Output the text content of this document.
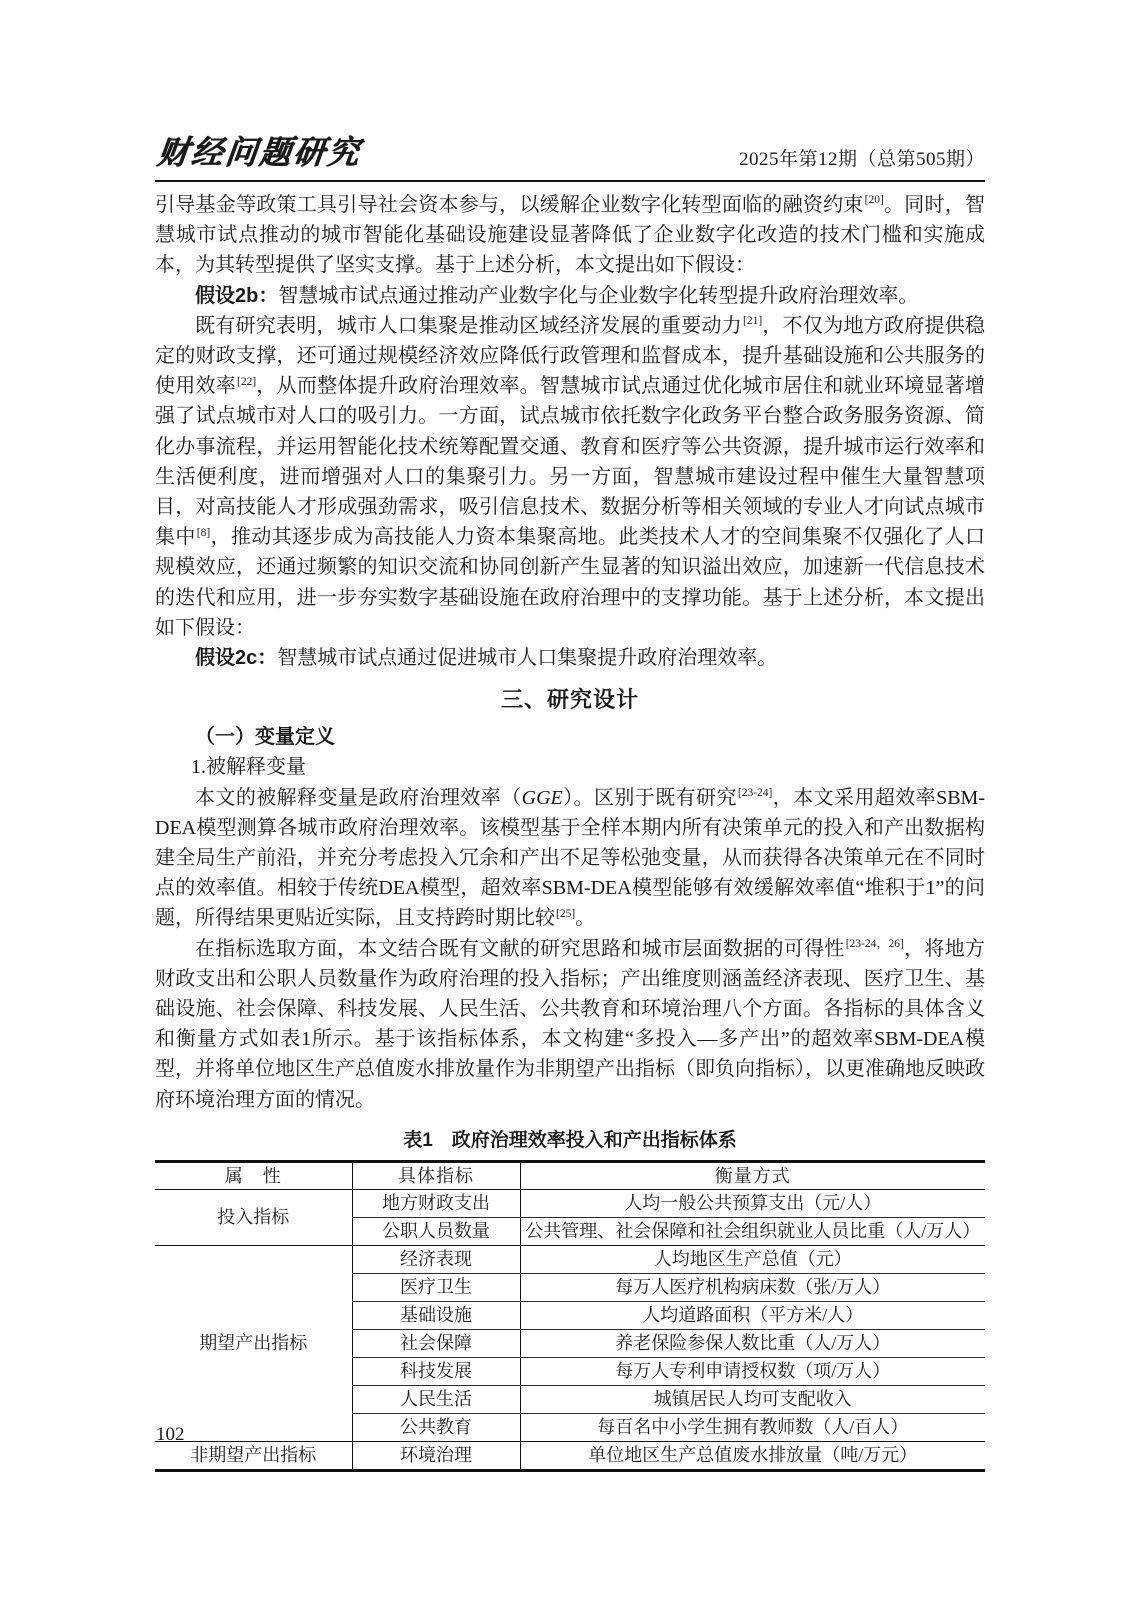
财经问题研究	2025年第12期（总第505期）

引导基金等政策工具引导社会资本参与，以缓解企业数字化转型面临的融资约束[20]。同时，智慧城市试点推动的城市智能化基础设施建设显著降低了企业数字化改造的技术门槛和实施成本，为其转型提供了坚实支撑。基于上述分析，本文提出如下假设：

假设2b：智慧城市试点通过推动产业数字化与企业数字化转型提升政府治理效率。

既有研究表明，城市人口集聚是推动区域经济发展的重要动力[21]，不仅为地方政府提供稳定的财政支撑，还可通过规模经济效应降低行政管理和监督成本，提升基础设施和公共服务的使用效率[22]，从而整体提升政府治理效率。智慧城市试点通过优化城市居住和就业环境显著增强了试点城市对人口的吸引力。一方面，试点城市依托数字化政务平台整合政务服务资源、简化办事流程，并运用智能化技术统筹配置交通、教育和医疗等公共资源，提升城市运行效率和生活便利度，进而增强对人口的集聚引力。另一方面，智慧城市建设过程中催生大量智慧项目，对高技能人才形成强劲需求，吸引信息技术、数据分析等相关领域的专业人才向试点城市集中[8]，推动其逐步成为高技能人力资本集聚高地。此类技术人才的空间集聚不仅强化了人口规模效应，还通过频繁的知识交流和协同创新产生显著的知识溢出效应，加速新一代信息技术的迭代和应用，进一步夯实数字基础设施在政府治理中的支撑功能。基于上述分析，本文提出如下假设：

假设2c：智慧城市试点通过促进城市人口集聚提升政府治理效率。

三、研究设计
（一）变量定义

1.被解释变量

本文的被解释变量是政府治理效率（GGE）。区别于既有研究[23-24]，本文采用超效率SBM-DEA模型测算各城市政府治理效率。该模型基于全样本期内所有决策单元的投入和产出数据构建全局生产前沿，并充分考虑投入冗余和产出不足等松弛变量，从而获得各决策单元在不同时点的效率值。相较于传统DEA模型，超效率SBM-DEA模型能够有效缓解效率值“堆积于1”的问题，所得结果更贴近实际，且支持跨时期比较[25]。

在指标选取方面，本文结合既有文献的研究思路和城市层面数据的可得性[23-24，26]，将地方财政支出和公职人员数量作为政府治理的投入指标；产出维度则涵盖经济表现、医疗卫生、基础设施、社会保障、科技发展、人民生活、公共教育和环境治理八个方面。各指标的具体含义和衡量方式如表1所示。基于该指标体系，本文构建“多投入—多产出”的超效率SBM-DEA模型，并将单位地区生产总值废水排放量作为非期望产出指标（即负向指标），以更准确地反映政府环境治理方面的情况。

表1　政府治理效率投入和产出指标体系
属　性	具体指标	衡量方式
投入指标	地方财政支出	人均一般公共预算支出（元/人）
	公职人员数量	公共管理、社会保障和社会组织就业人员比重（人/万人）
期望产出指标	经济表现	人均地区生产总值（元）
	医疗卫生	每万人医疗机构病床数（张/万人）
	基础设施	人均道路面积（平方米/人）
	社会保障	养老保险参保人数比重（人/万人）
	科技发展	每万人专利申请授权数（项/万人）
	人民生活	城镇居民人均可支配收入
	公共教育	每百名中小学生拥有教师数（人/百人）
非期望产出指标	环境治理	单位地区生产总值废水排放量（吨/万元）
102
